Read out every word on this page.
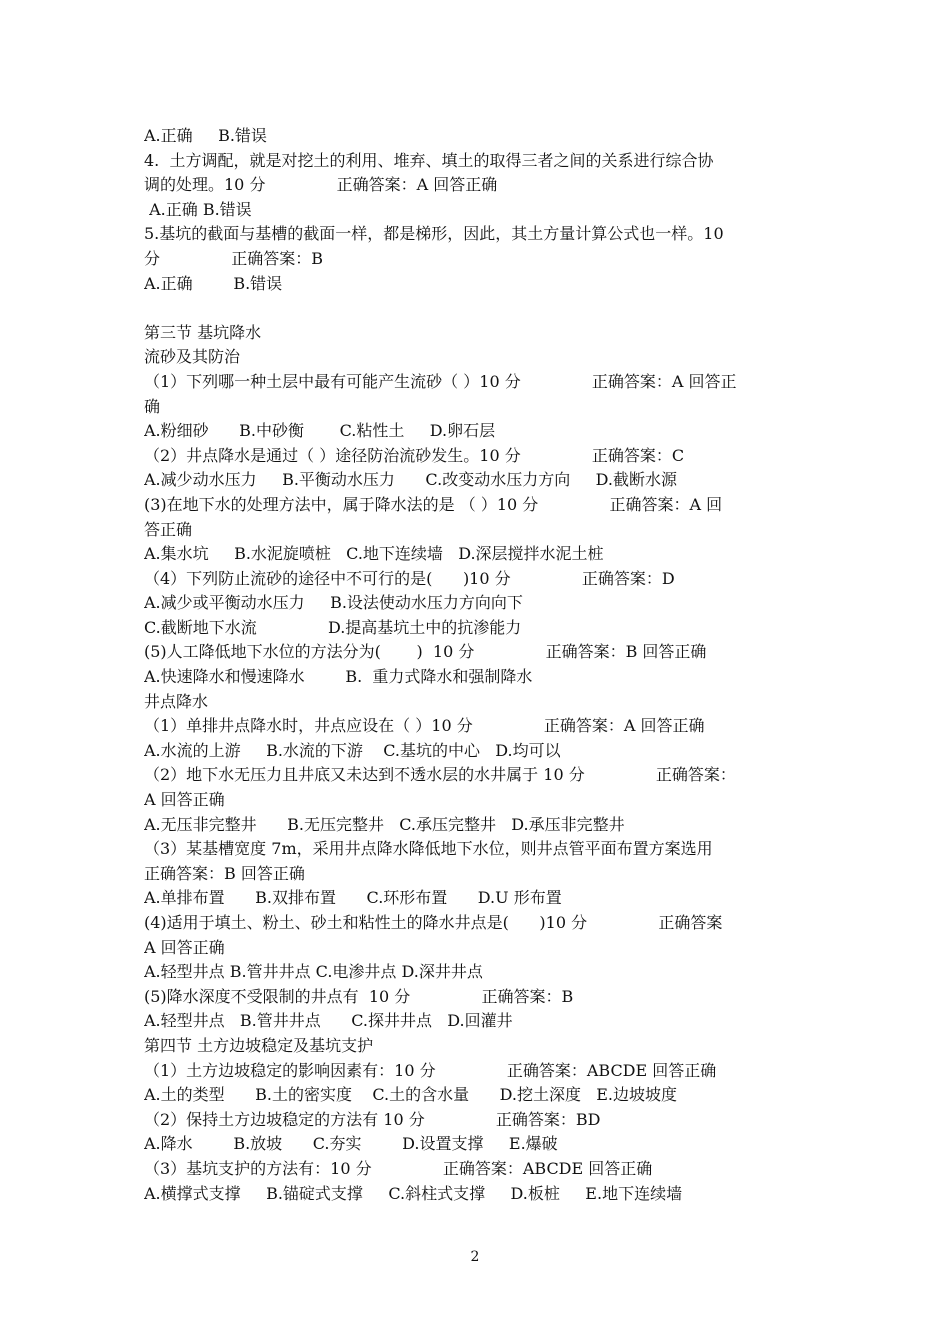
A.正确     B.错误
4.  土方调配，就是对挖土的利用、堆弃、填土的取得三者之间的关系进行综合协
调的处理。10 分              正确答案：A 回答正确
A.正确 B.错误
5.基坑的截面与基槽的截面一样，都是梯形，因此，其土方量计算公式也一样。10
分              正确答案：B
A.正确        B.错误
第三节 基坑降水
流砂及其防治
（1）下列哪一种土层中最有可能产生流砂（ ）10 分              正确答案：A 回答正
确
A.粉细砂      B.中砂衡       C.粘性土     D.卵石层
（2）井点降水是通过（ ）途径防治流砂发生。10 分              正确答案：C
A.减少动水压力     B.平衡动水压力      C.改变动水压力方向     D.截断水源
(3)在地下水的处理方法中，属于降水法的是 （ ）10 分              正确答案：A 回
答正确
A.集水坑     B.水泥旋喷桩   C.地下连续墙   D.深层搅拌水泥土桩
（4）下列防止流砂的途径中不可行的是(      )10 分              正确答案：D
A.减少或平衡动水压力     B.设法使动水压力方向向下
C.截断地下水流              D.提高基坑土中的抗渗能力
(5)人工降低地下水位的方法分为(       )  10 分              正确答案：B 回答正确
A.快速降水和慢速降水        B.  重力式降水和强制降水
井点降水
（1）单排井点降水时，井点应设在（ ）10 分              正确答案：A 回答正确
A.水流的上游     B.水流的下游    C.基坑的中心   D.均可以
（2）地下水无压力且井底又未达到不透水层的水井属于 10 分              正确答案：
A 回答正确
A.无压非完整井      B.无压完整井   C.承压完整井   D.承压非完整井
（3）某基槽宽度 7m，采用井点降水降低地下水位，则井点管平面布置方案选用
正确答案：B 回答正确
A.单排布置      B.双排布置      C.环形布置      D.U 形布置
(4)适用于填土、粉土、砂土和粘性土的降水井点是(      )10 分              正确答案
A 回答正确
A.轻型井点 B.管井井点 C.电渗井点 D.深井井点
(5)降水深度不受限制的井点有  10 分              正确答案：B
A.轻型井点   B.管井井点      C.探井井点   D.回灌井
第四节 土方边坡稳定及基坑支护
（1）土方边坡稳定的影响因素有：10 分              正确答案：ABCDE 回答正确
A.土的类型      B.土的密实度    C.土的含水量      D.挖土深度   E.边坡坡度
（2）保持土方边坡稳定的方法有 10 分              正确答案：BD
A.降水        B.放坡      C.夯实        D.设置支撑     E.爆破
（3）基坑支护的方法有：10 分              正确答案：ABCDE 回答正确
A.横撑式支撑     B.锚碇式支撑     C.斜柱式支撑     D.板桩     E.地下连续墙
2
